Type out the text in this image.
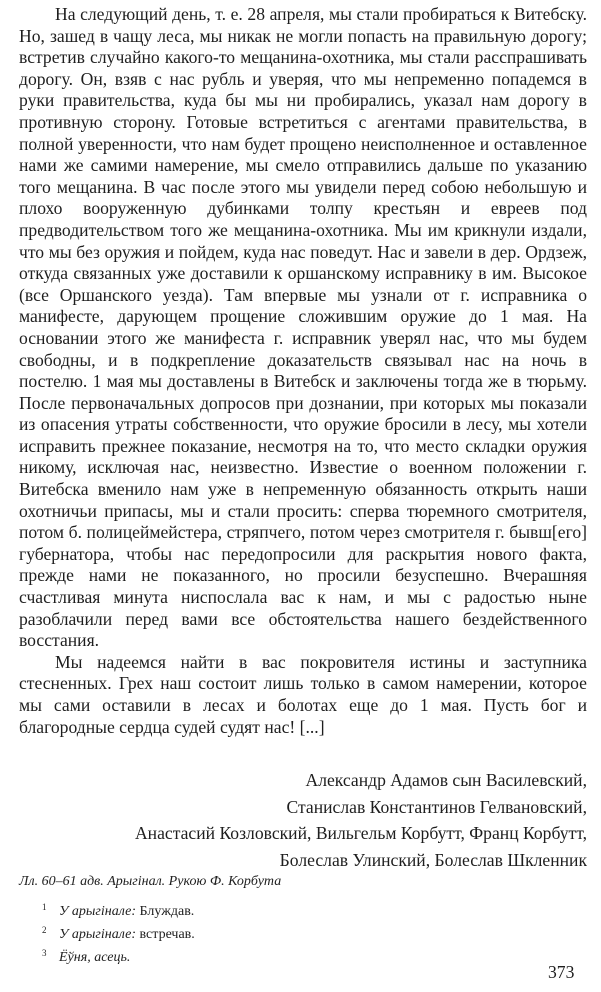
На следующий день, т. е. 28 апреля, мы стали пробираться к Витебску. Но, зашед в чащу леса, мы никак не могли попасть на правильную дорогу; встретив случайно какого-то мещанина-охотника, мы стали расспрашивать дорогу. Он, взяв с нас рубль и уверяя, что мы непременно попадемся в руки правительства, куда бы мы ни пробирались, указал нам дорогу в противную сторону. Готовые встретиться с агентами правительства, в полной уверенности, что нам будет прощено неисполненное и оставленное нами же самими намерение, мы смело отправились дальше по указанию того мещанина. В час после этого мы увидели перед собою небольшую и плохо вооруженную дубинками толпу крестьян и евреев под предводительством того же мещанина-охотника. Мы им крикнули издали, что мы без оружия и пойдем, куда нас поведут. Нас и завели в дер. Ордзеж, откуда связанных уже доставили к оршанскому исправнику в им. Высокое (все Оршанского уезда). Там впервые мы узнали от г. исправника о манифесте, дарующем прощение сложившим оружие до 1 мая. На основании этого же манифеста г. исправник уверял нас, что мы будем свободны, и в подкрепление доказательств связывал нас на ночь в постелю. 1 мая мы доставлены в Витебск и заключены тогда же в тюрьму. После первоначальных допросов при дознании, при которых мы показали из опасения утраты собственности, что оружие бросили в лесу, мы хотели исправить прежнее показание, несмотря на то, что место складки оружия никому, исключая нас, неизвестно. Известие о военном положении г. Витебска вменило нам уже в непременную обязанность открыть наши охотничьи припасы, мы и стали просить: сперва тюремного смотрителя, потом б. полицеймейстера, стряпчего, потом через смотрителя г. бывш[его] губернатора, чтобы нас передопросили для раскрытия нового факта, прежде нами не показанного, но просили безуспешно. Вчерашняя счастливая минута ниспослала вас к нам, и мы с радостью ныне разоблачили перед вами все обстоятельства нашего бездейственного восстания.

Мы надеемся найти в вас покровителя истины и заступника стесненных. Грех наш состоит лишь только в самом намерении, которое мы сами оставили в лесах и болотах еще до 1 мая. Пусть бог и благородные сердца судей судят нас! [...]

Александр Адамов сын Василевский,
Станислав Константинов Гелвановский,
Анастасий Козловский, Вильгельм Корбутт, Франц Корбутт,
Болеслав Улинский, Болеслав Шкленник
Лл. 60–61 адв. Арыгінал. Рукою Ф. Корбута
$^1$ У арыгінале: Блуждав.
$^2$ У арыгінале: встречав.
$^3$ Ёўня, асець.
373
